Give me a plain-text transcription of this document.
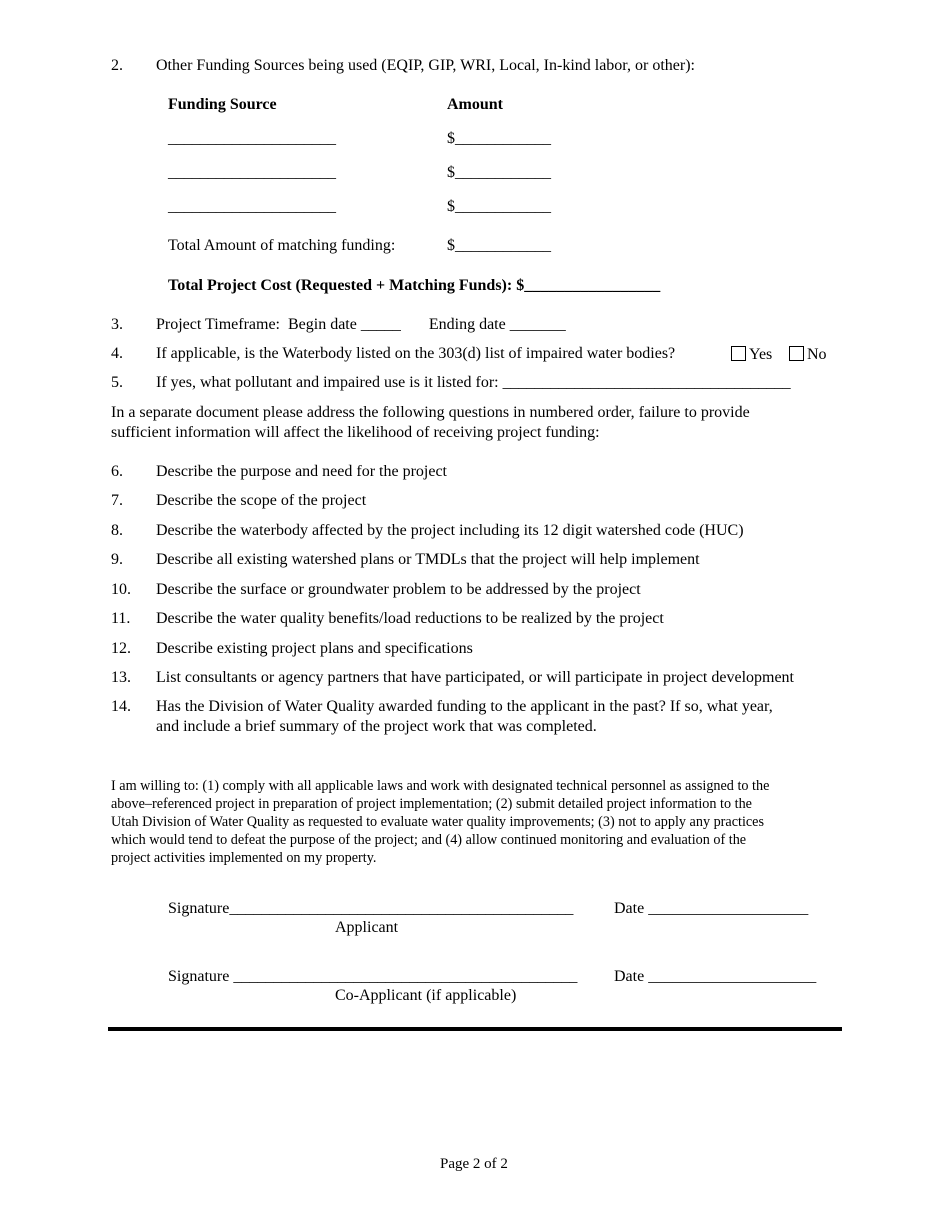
2. Other Funding Sources being used (EQIP, GIP, WRI, Local, In-kind labor, or other):
Funding Source	Amount
_____________________	$____________
_____________________	$____________
_____________________	$____________
Total Amount of matching funding:	$____________
Total Project Cost (Requested + Matching Funds): $_________________
3. Project Timeframe:  Begin date _____       Ending date _______
4. If applicable, is the Waterbody listed on the 303(d) list of impaired water bodies?	Yes	No
5. If yes, what pollutant and impaired use is it listed for: ____________________________________
In a separate document please address the following questions in numbered order, failure to provide
sufficient information will affect the likelihood of receiving project funding:
6. Describe the purpose and need for the project
7. Describe the scope of the project
8. Describe the waterbody affected by the project including its 12 digit watershed code (HUC)
9. Describe all existing watershed plans or TMDLs that the project will help implement
10. Describe the surface or groundwater problem to be addressed by the project
11. Describe the water quality benefits/load reductions to be realized by the project
12. Describe existing project plans and specifications
13. List consultants or agency partners that have participated, or will participate in project development
14. Has the Division of Water Quality awarded funding to the applicant in the past? If so, what year,
and include a brief summary of the project work that was completed.
I am willing to: (1) comply with all applicable laws and work with designated technical personnel as assigned to the
above–referenced project in preparation of project implementation; (2) submit detailed project information to the
Utah Division of Water Quality as requested to evaluate water quality improvements; (3) not to apply any practices
which would tend to defeat the purpose of the project; and (4) allow continued monitoring and evaluation of the
project activities implemented on my property.
Signature___________________________________________	Date ____________________
Applicant
Signature ___________________________________________ Date _____________________
Co-Applicant (if applicable)
Page 2 of 2
